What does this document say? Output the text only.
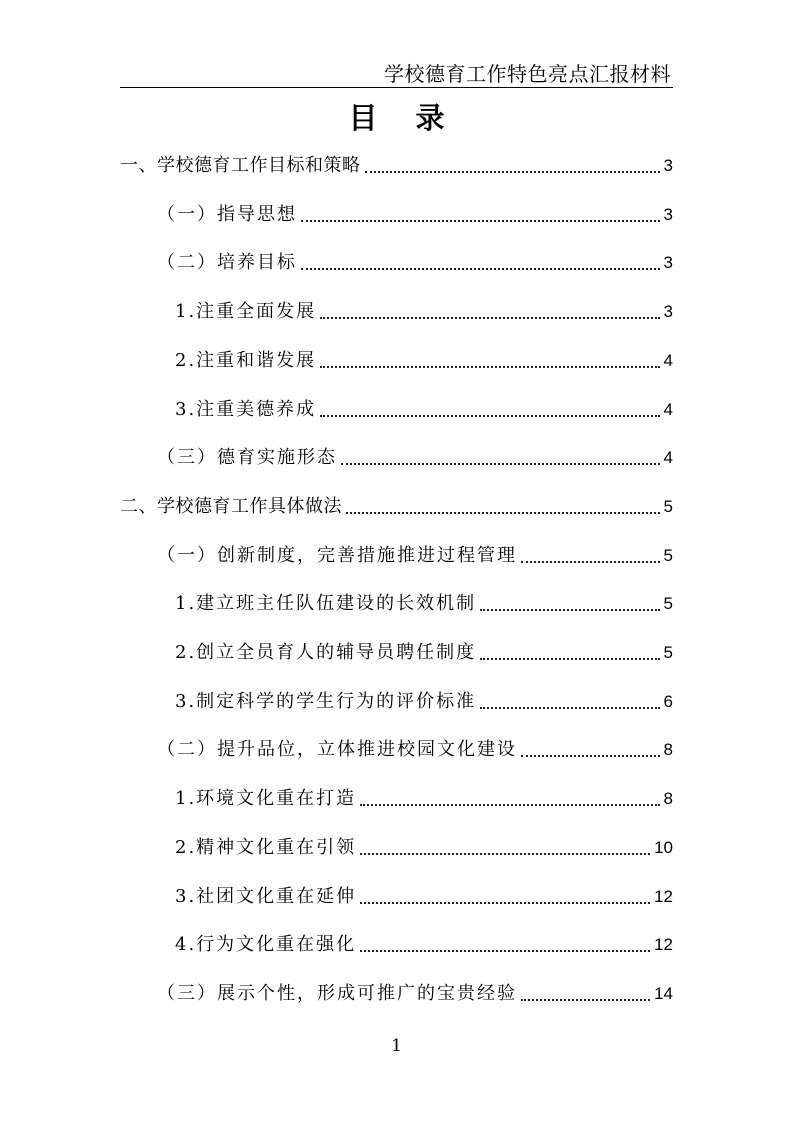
学校德育工作特色亮点汇报材料
目 录
一、学校德育工作目标和策略	3
（一）指导思想	3
（二）培养目标	3
1.注重全面发展	3
2.注重和谐发展	4
3.注重美德养成	4
（三）德育实施形态	4
二、学校德育工作具体做法	5
（一）创新制度，完善措施推进过程管理	5
1.建立班主任队伍建设的长效机制	5
2.创立全员育人的辅导员聘任制度	5
3.制定科学的学生行为的评价标准	6
（二）提升品位，立体推进校园文化建设	8
1.环境文化重在打造	8
2.精神文化重在引领	10
3.社团文化重在延伸	12
4.行为文化重在强化	12
（三）展示个性，形成可推广的宝贵经验	14
1
